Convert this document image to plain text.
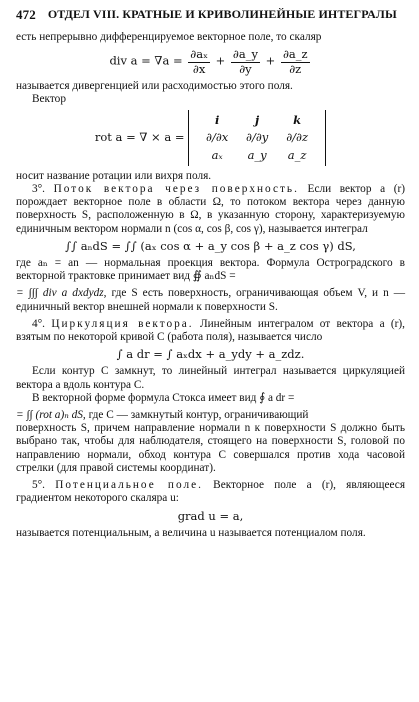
472 ОТДЕЛ VIII. КРАТНЫЕ И КРИВОЛИНЕЙНЫЕ ИНТЕГРАЛЫ

есть непрерывно дифференцируемое векторное поле, то скаляр

div $a = \nabla a = \frac{\text{∂aₓ}}{\partial x} + \frac{\partial a\_y}{\partial y} + \frac{\partial a\_z}{\partial z}$

называется дивергенцией или расходимостью этого поля.

Вектор

rot a = ∇ × a =
i	j	k
∂/∂x	∂/∂y	∂/∂z
aₓ	a_y	a_z

носит название ротации или вихря поля.

3°. Поток вектора через поверхность. Если вектор a (r) порождает векторное поле в области Ω, то потоком вектора через данную поверхность S, расположенную в Ω, в указанную сторону, характеризуемую единичным вектором нормали n (cos α, cos β, cos γ), называется интеграл

∫∫ aₙdS = ∫∫ (aₓ cos α + a_y cos β + a_z cos γ) dS,

где aₙ = an — нормальная проекция вектора. Формула Остроградского в векторной трактовке принимает вид ∯ aₙdS =

= ∫∫∫ div a dxdydz, где S есть поверхность, ограничивающая объем V, и n — единичный вектор внешней нормали к поверхности S.

4°. Циркуляция вектора. Линейным интегралом от вектора a (r), взятым по некоторой кривой C (работа поля), называется число

∫ a dr = ∫ aₓdx + a_ydy + a_zdz.

Если контур C замкнут, то линейный интеграл называется циркуляцией вектора a вдоль контура C.

В векторной форме формула Стокса имеет вид ∮ a dr =

= ∫∫ (rot a)ₙ dS, где C — замкнутый контур, ограничивающий

поверхность S, причем направление нормали n к поверхности S должно быть выбрано так, чтобы для наблюдателя, стоящего на поверхности S, головой по направлению нормали, обход контура C совершался против хода часовой стрелки (для правой системы координат).

5°. Потенциальное поле. Векторное поле a (r), являющееся градиентом некоторого скаляра u:

grad u = a,

называется потенциальным, а величина u называется потенциалом поля.
